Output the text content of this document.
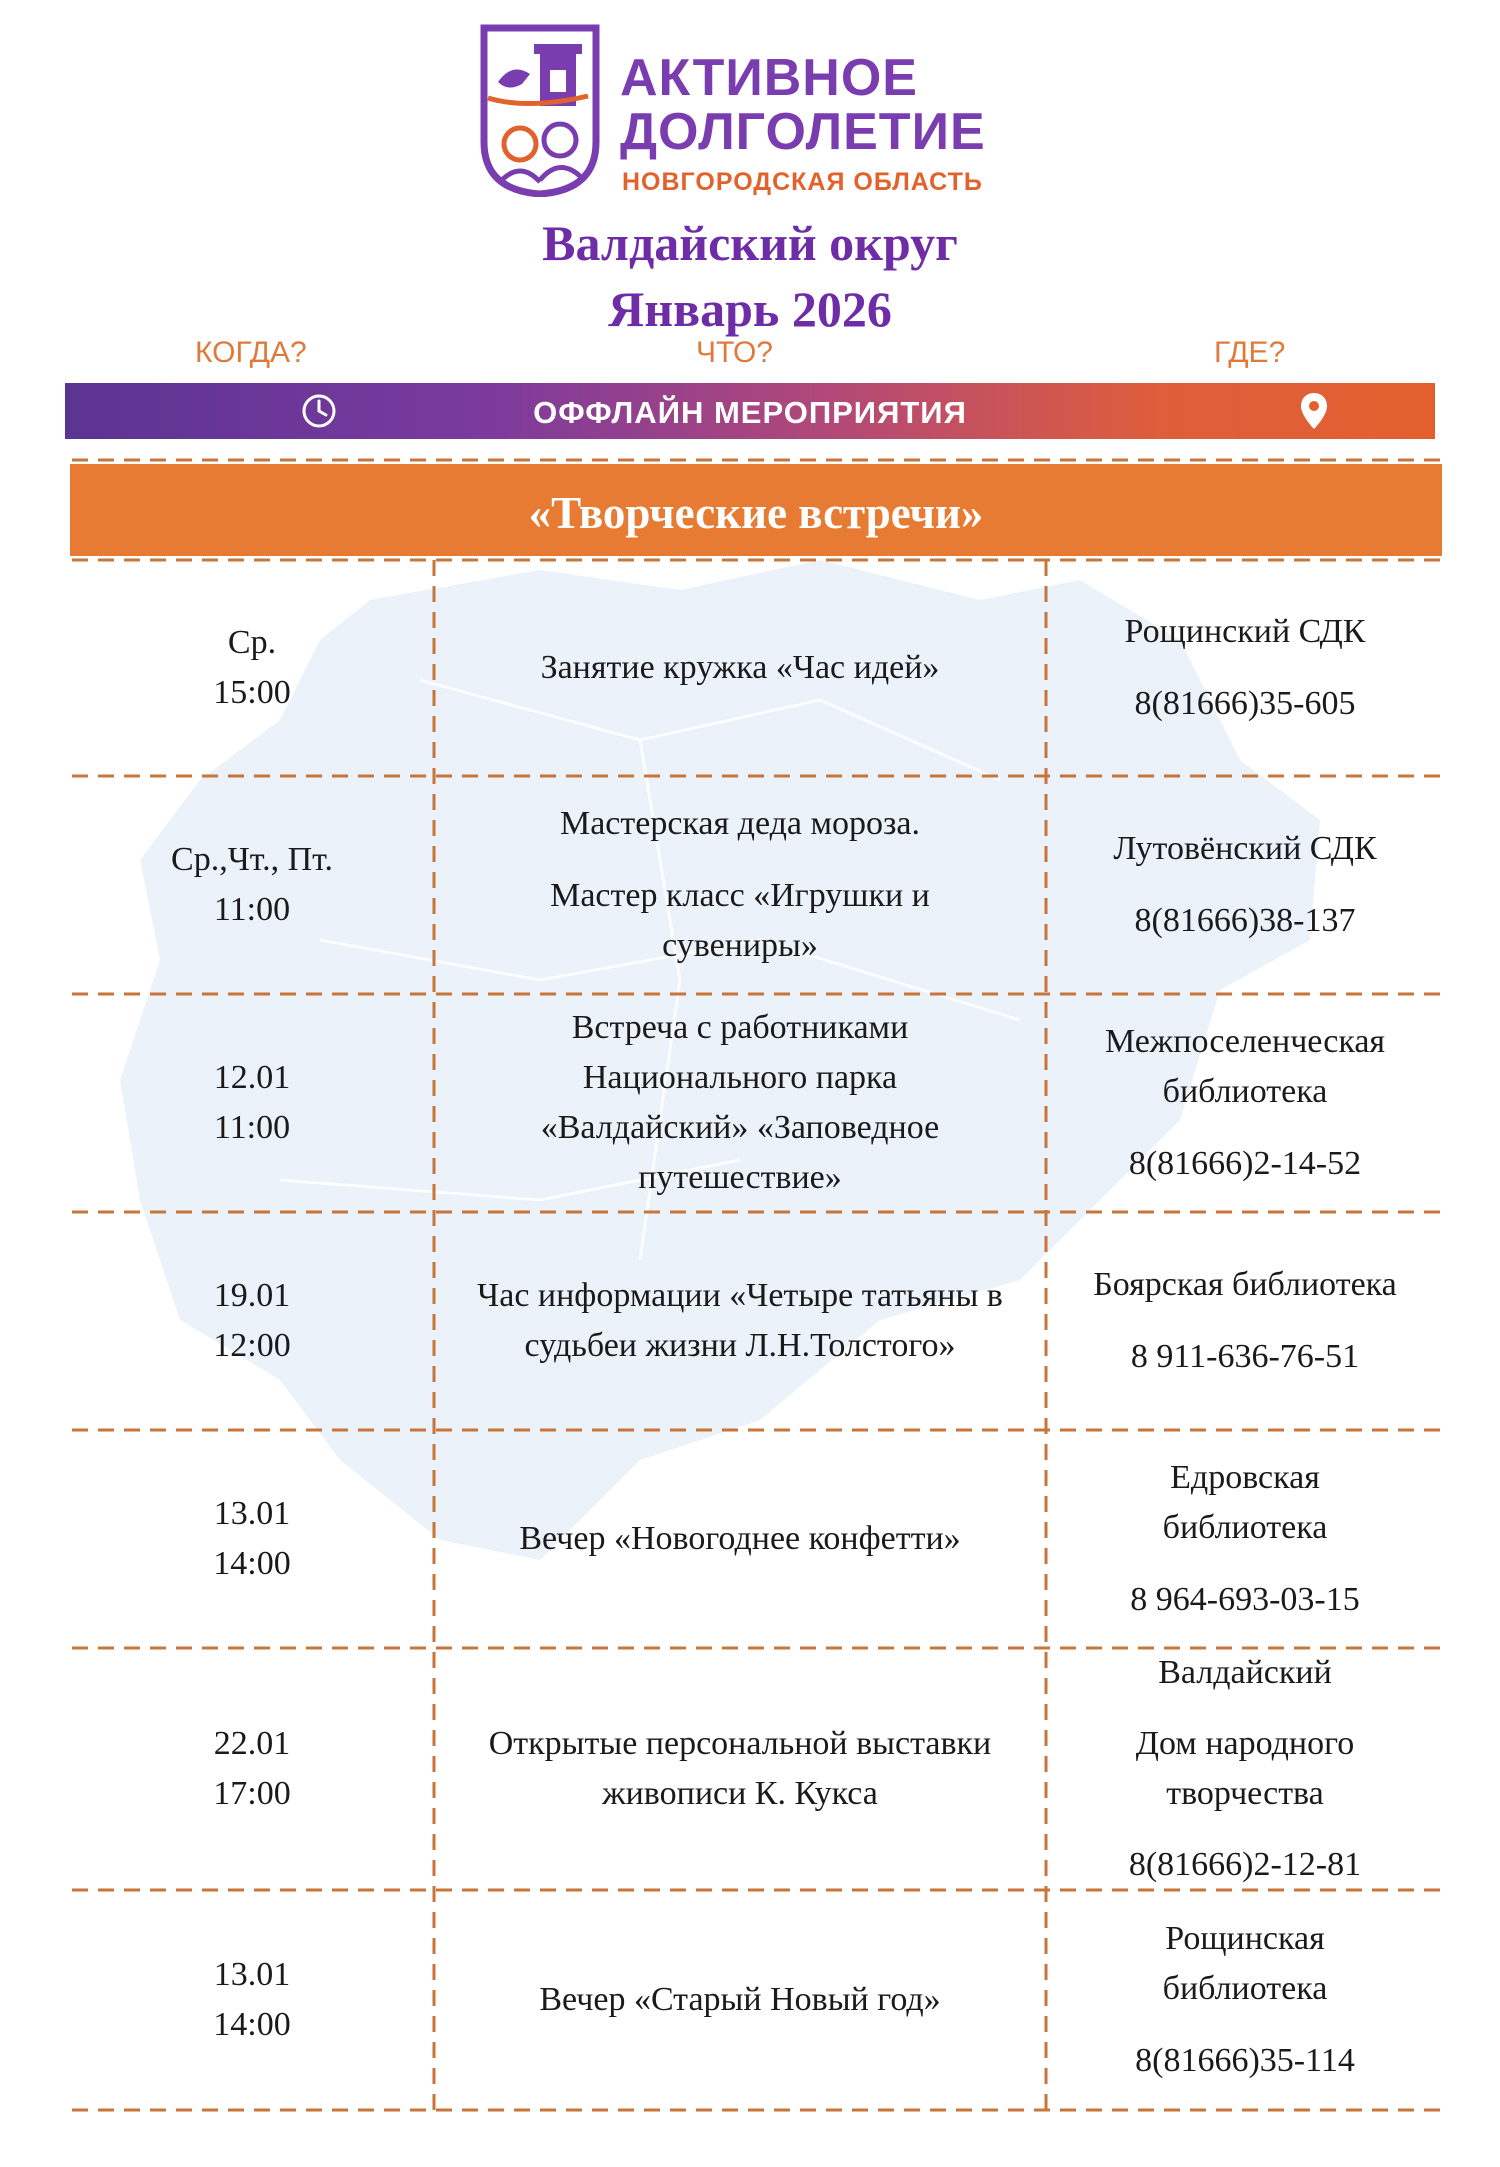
АКТИВНОЕ
ДОЛГОЛЕТИЕ
НОВГОРОДСКАЯ ОБЛАСТЬ
Валдайский округ
Январь 2026
КОГДА?	ЧТО?	ГДЕ?
ОФФЛАЙН МЕРОПРИЯТИЯ
«Творческие встречи»
Ср.
15:00
Занятие кружка «Час идей»
Рощинский СДК
8(81666)35-605
Ср.,Чт., Пт.
11:00
Мастерская деда мороза.
Мастер класс «Игрушки и сувениры»
Лутовёнский СДК
8(81666)38-137
12.01
11:00
Встреча с работниками Национального парка «Валдайский» «Заповедное путешествие»
Межпоселенческая библиотека
8(81666)2-14-52
19.01
12:00
Час информации «Четыре татьяны в судьбеи жизни Л.Н.Толстого»
Боярская библиотека
8 911-636-76-51
13.01
14:00
Вечер «Новогоднее конфетти»
Едровская библиотека
8 964-693-03-15
22.01
17:00
Открытые персональной выставки живописи К. Кукса
Валдайский
Дом народного творчества
8(81666)2-12-81
13.01
14:00
Вечер «Старый Новый год»
Рощинская библиотека
8(81666)35-114
